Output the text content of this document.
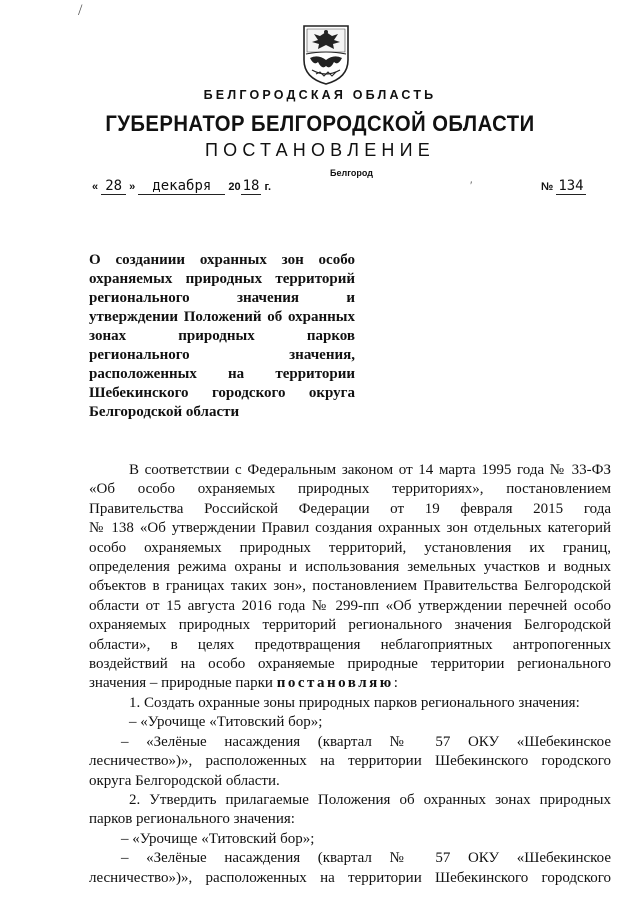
БЕЛГОРОДСКАЯ ОБЛАСТЬ
ГУБЕРНАТОР БЕЛГОРОДСКОЙ ОБЛАСТИ
ПОСТАНОВЛЕНИЕ
Белгород
« 28 » декабря 20 18 г.	№ 134
/
′
О созданиии охранных зон особо
охраняемых природных территорий
регионального значения и
утверждении Положений об охранных
зонах природных парков
регионального значения,
расположенных на территории
Шебекинского городского округа
Белгородской области
В соответствии с Федеральным законом от 14 марта 1995 года № 33-ФЗ
«Об особо охраняемых природных территориях», постановлением
Правительства Российской Федерации от 19 февраля 2015 года
№ 138 «Об утверждении Правил создания охранных зон отдельных категорий
особо охраняемых природных территорий, установления их границ,
определения режима охраны и использования земельных участков и водных
объектов в границах таких зон», постановлением Правительства Белгородской
области от 15 августа 2016 года № 299-пп «Об утверждении перечней особо
охраняемых природных территорий регионального значения Белгородской
области», в целях предотвращения неблагоприятных антропогенных
воздействий на особо охраняемые природные территории регионального
значения – природные парки постановляю:
1. Создать охранные зоны природных парков регионального значения:
– «Урочище «Титовский бор»;
– «Зелёные насаждения (квартал № 57 ОКУ «Шебекинское
лесничество»)», расположенных на территории Шебекинского городского
округа Белгородской области.
2. Утвердить прилагаемые Положения об охранных зонах природных
парков регионального значения:
– «Урочище «Титовский бор»;
– «Зелёные насаждения (квартал № 57 ОКУ «Шебекинское
лесничество»)», расположенных на территории Шебекинского городского
